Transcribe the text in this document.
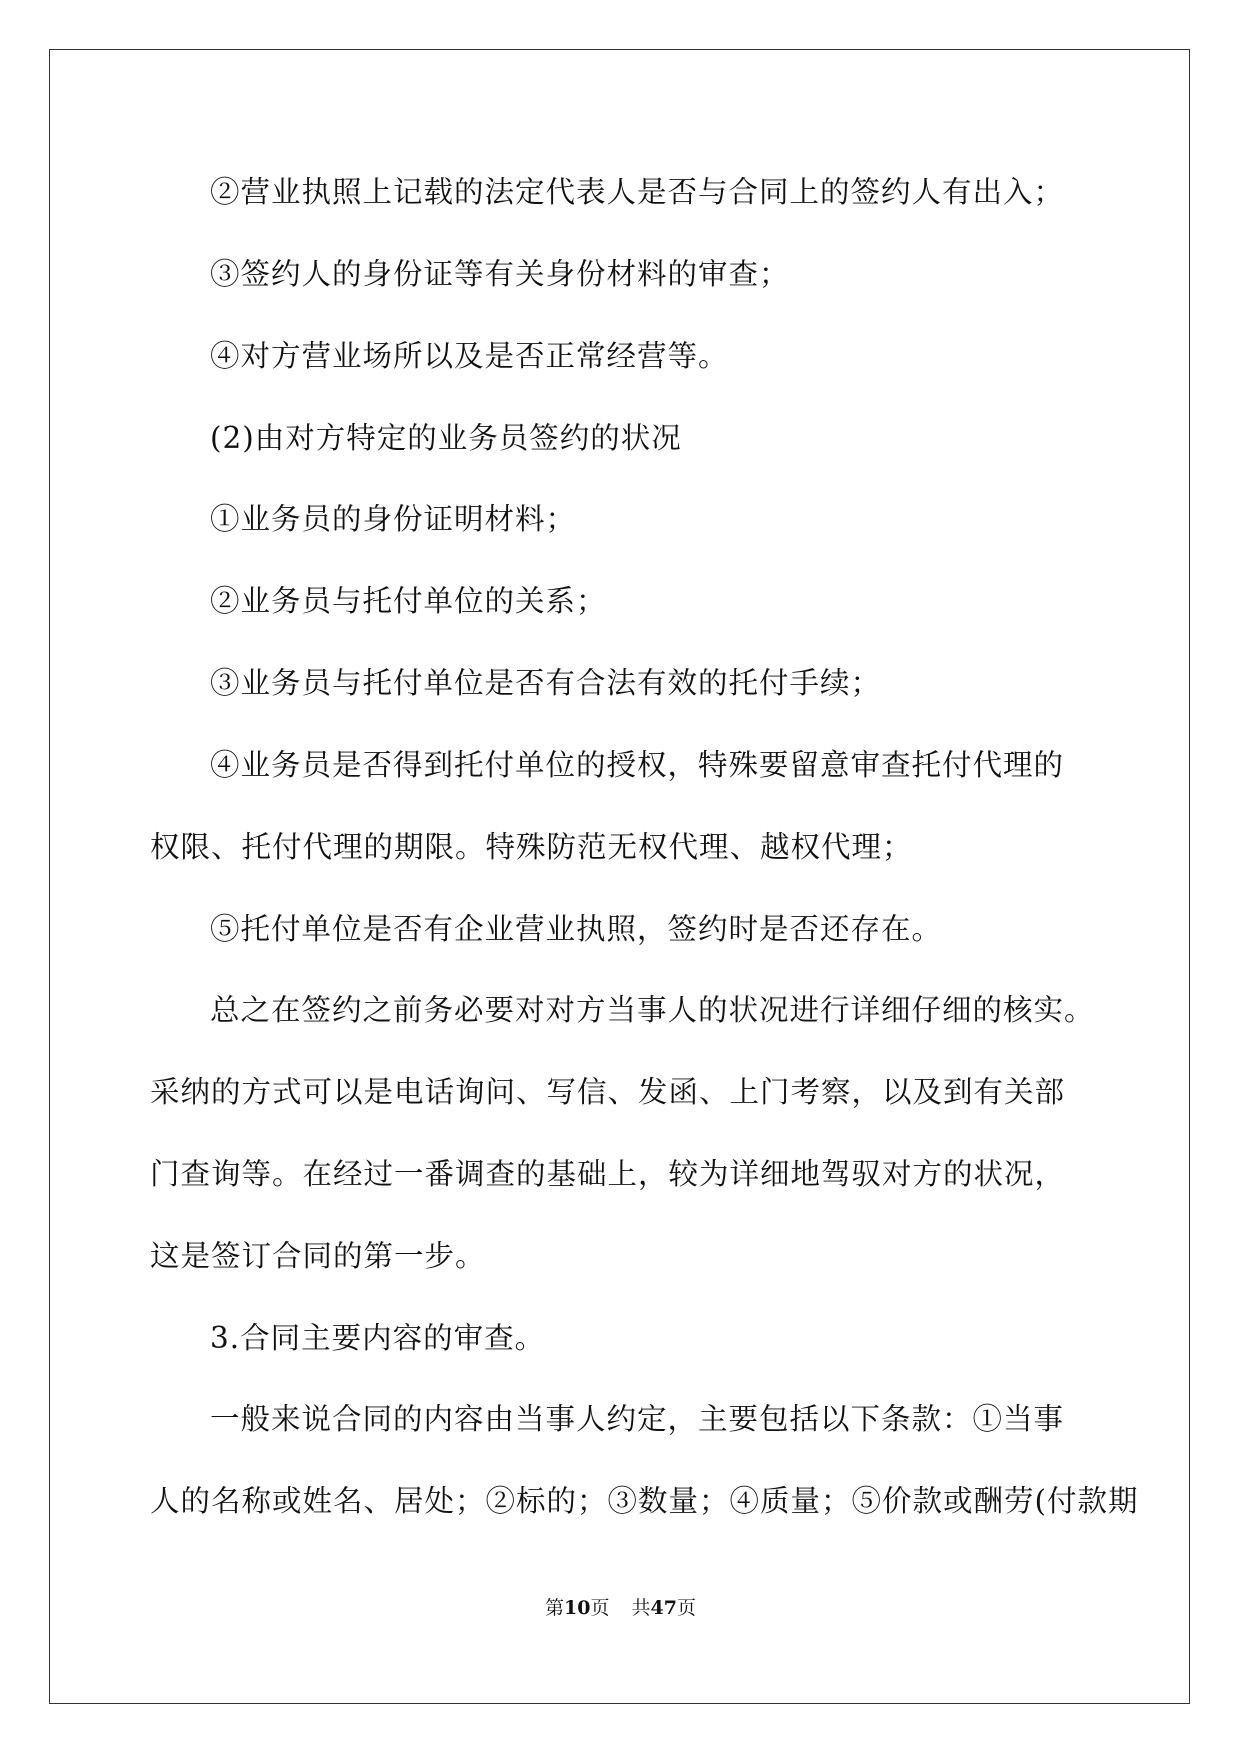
②营业执照上记载的法定代表人是否与合同上的签约人有出入；
③签约人的身份证等有关身份材料的审查；
④对方营业场所以及是否正常经营等。
(2)由对方特定的业务员签约的状况
①业务员的身份证明材料；
②业务员与托付单位的关系；
③业务员与托付单位是否有合法有效的托付手续；
④业务员是否得到托付单位的授权，特殊要留意审查托付代理的
权限、托付代理的期限。特殊防范无权代理、越权代理；
⑤托付单位是否有企业营业执照，签约时是否还存在。
总之在签约之前务必要对对方当事人的状况进行详细仔细的核实。
采纳的方式可以是电话询问、写信、发函、上门考察，以及到有关部
门查询等。在经过一番调查的基础上，较为详细地驾驭对方的状况，
这是签订合同的第一步。
3.合同主要内容的审查。
一般来说合同的内容由当事人约定，主要包括以下条款：①当事
人的名称或姓名、居处；②标的；③数量；④质量；⑤价款或酬劳(付款期
第10页 共47页
